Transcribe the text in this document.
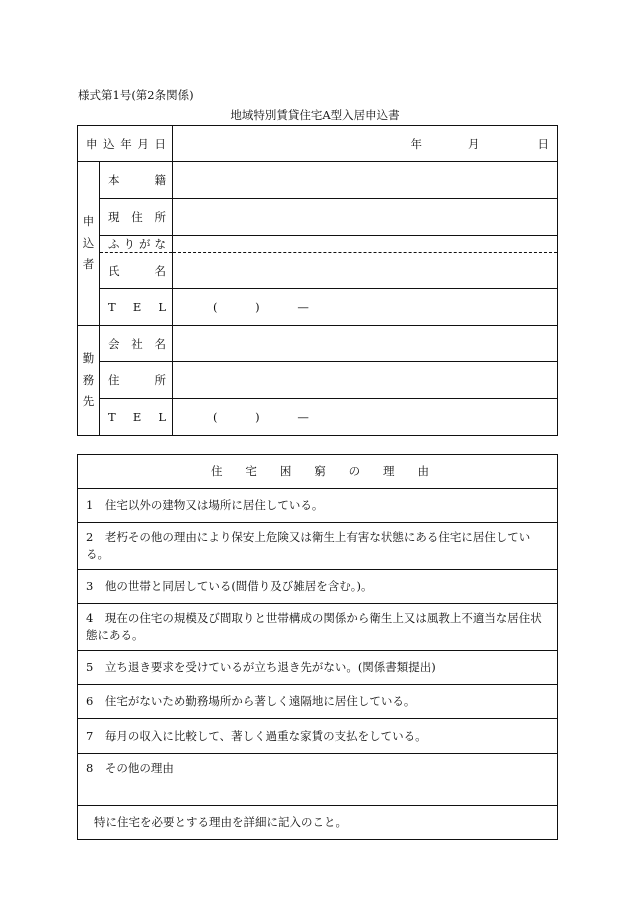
様式第1号(第2条関係)
地域特別賃貸住宅A型入居申込書
申 込 年 月 日		年 月 日

申
込
者	本 籍	

	現 住 所	

	ふ り が な	

	氏 名	

	T E L	( ) —

勤
務
先	会 社 名	

	住 所	

	T E L	( ) —
住 宅 困 窮 の 理 由

1　住宅以外の建物又は場所に居住している。
2　老朽その他の理由により保安上危険又は衛生上有害な状態にある住宅に居住している。
3　他の世帯と同居している(間借り及び雑居を含む。)。
4　現在の住宅の規模及び間取りと世帯構成の関係から衛生上又は風教上不適当な居住状態にある。
5　立ち退き要求を受けているが立ち退き先がない。(関係書類提出)
6　住宅がないため勤務場所から著しく遠隔地に居住している。
7　毎月の収入に比較して、著しく過重な家賃の支払をしている。
8　その他の理由
特に住宅を必要とする理由を詳細に記入のこと。
